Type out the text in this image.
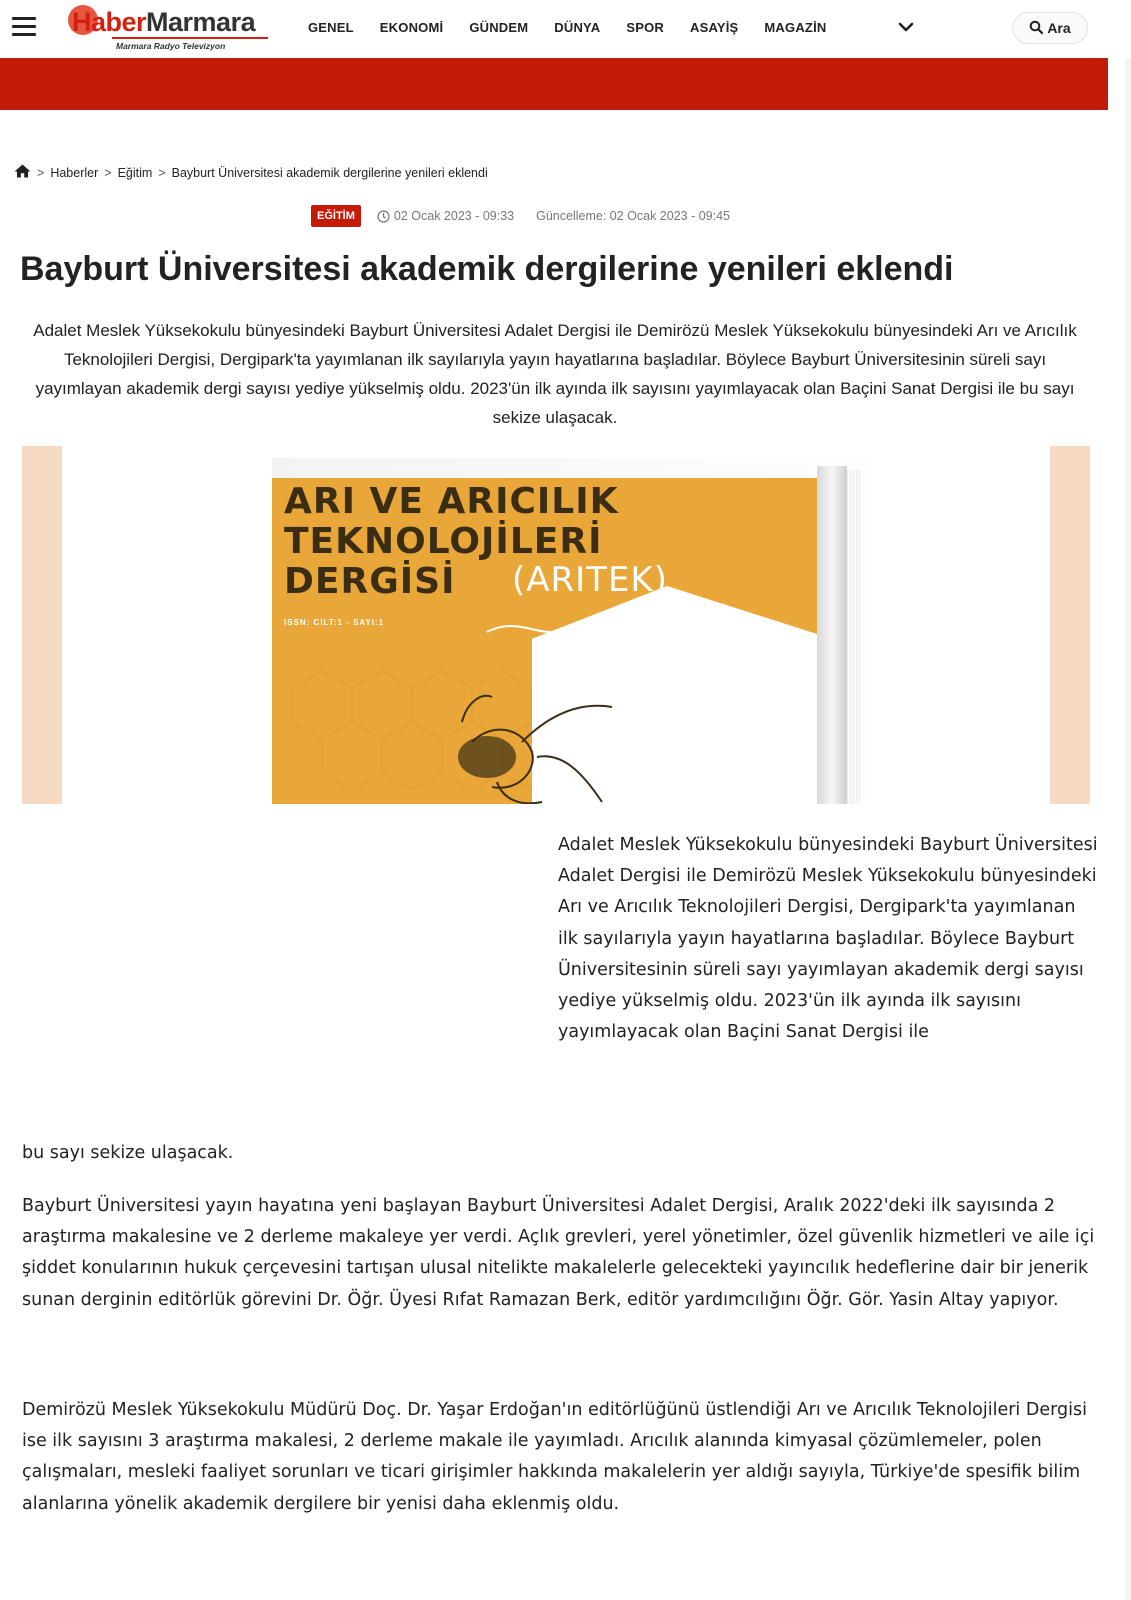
HaberMarmara
Marmara Radyo Televizyon
GENEL EKONOMİ GÜNDEM DÜNYA SPOR ASAYİŞ MAGAZİN	Ara
> Haberler > Eğitim > Bayburt Üniversitesi akademik dergilerine yenileri eklendi
EĞİTİM	02 Ocak 2023 - 09:33 Güncelleme: 02 Ocak 2023 - 09:45
Bayburt Üniversitesi akademik dergilerine yenileri eklendi

Adalet Meslek Yüksekokulu bünyesindeki Bayburt Üniversitesi Adalet Dergisi ile Demirözü Meslek Yüksekokulu bünyesindeki Arı ve Arıcılık Teknolojileri Dergisi, Dergipark'ta yayımlanan ilk sayılarıyla yayın hayatlarına başladılar. Böylece Bayburt Üniversitesinin süreli sayı yayımlayan akademik dergi sayısı yediye yükselmiş oldu. 2023'ün ilk ayında ilk sayısını yayımlayacak olan Baçini Sanat Dergisi ile bu sayı sekize ulaşacak.

ARI VE ARICILIK
TEKNOLOJİLERİ
DERGİSİ	(ARITEK)
ISSN: CİLT:1 - SAYI:1

Adalet Meslek Yüksekokulu bünyesindeki Bayburt Üniversitesi Adalet Dergisi ile Demirözü Meslek Yüksekokulu bünyesindeki Arı ve Arıcılık Teknolojileri Dergisi, Dergipark'ta yayımlanan ilk sayılarıyla yayın hayatlarına başladılar. Böylece Bayburt Üniversitesinin süreli sayı yayımlayan akademik dergi sayısı yediye yükselmiş oldu. 2023'ün ilk ayında ilk sayısını yayımlayacak olan Baçini Sanat Dergisi ile

bu sayı sekize ulaşacak.

Bayburt Üniversitesi yayın hayatına yeni başlayan Bayburt Üniversitesi Adalet Dergisi, Aralık 2022'deki ilk sayısında 2 araştırma makalesine ve 2 derleme makaleye yer verdi. Açlık grevleri, yerel yönetimler, özel güvenlik hizmetleri ve aile içi şiddet konularının hukuk çerçevesini tartışan ulusal nitelikte makalelerle gelecekteki yayıncılık hedeflerine dair bir jenerik sunan derginin editörlük görevini Dr. Öğr. Üyesi Rıfat Ramazan Berk, editör yardımcılığını Öğr. Gör. Yasin Altay yapıyor.

Demirözü Meslek Yüksekokulu Müdürü Doç. Dr. Yaşar Erdoğan'ın editörlüğünü üstlendiği Arı ve Arıcılık Teknolojileri Dergisi ise ilk sayısını 3 araştırma makalesi, 2 derleme makale ile yayımladı. Arıcılık alanında kimyasal çözümlemeler, polen çalışmaları, mesleki faaliyet sorunları ve ticari girişimler hakkında makalelerin yer aldığı sayıyla, Türkiye'de spesifik bilim alanlarına yönelik akademik dergilere bir yenisi daha eklenmiş oldu.
